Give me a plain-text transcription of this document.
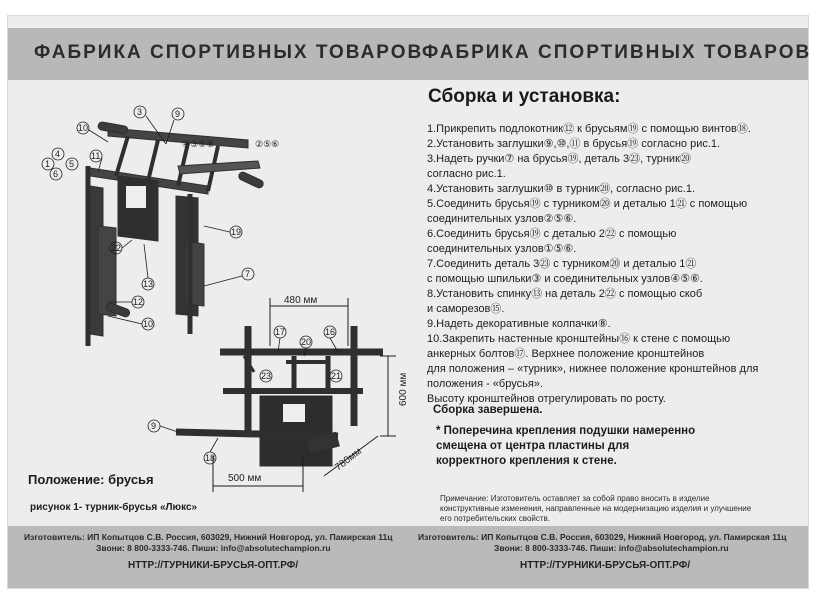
ФАБРИКА СПОРТИВНЫХ ТОВАРОВ
ФАБРИКА СПОРТИВНЫХ ТОВАРОВ
480 мм
600 мм
500 мм
780мм
3	9
④⑤⑥⑧	②⑤⑥
10
1
6
4
5
11
22
19
13
7
12
10
17
20
16
23	21
9
18
Положение: брусья
рисунок 1- турник-брусья «Люкс»
Сборка и установка:
1.Прикрепить подлокотник⑫ к брусьям⑲ с помощью винтов⑱.
2.Установить заглушки⑨,⑩,⑪ в брусья⑲ согласно рис.1.
3.Надеть ручки⑦ на брусья⑲, деталь 3㉓, турник⑳
согласно рис.1.
4.Установить заглушки⑩ в турник⑳, согласно рис.1.
5.Соединить брусья⑲ с турником⑳ и деталью 1㉑ с помощью
соединительных узлов②⑤⑥.
6.Соединить брусья⑲ с деталью 2㉒ с помощью
соединительных узлов①⑤⑥.
7.Соединить деталь 3㉓ с турником⑳ и деталью 1㉑
с помощью шпильки③ и соединительных узлов④⑤⑥.
8.Установить спинку⑬ на деталь 2㉒ с помощью скоб
и саморезов⑮.
9.Надеть декоративные колпачки⑧.
10.Закрепить настенные кронштейны⑯ к стене с помощью
анкерных болтов⑰. Верхнее положение кронштейнов
для положения – «турник», нижнее положение кронштейнов для
положения - «брусья».
Высоту кронштейнов отрегулировать по росту.
Сборка завершена.
* Поперечина крепления подушки намеренно
смещена от центра пластины для
корректного крепления к стене.
Примечание: Изготовитель оставляет за собой право вносить в изделие
конструктивные изменения, направленные на модернизацию изделия и улучшение
его потребительских свойств.
Изготовитель: ИП Копытцов С.В. Россия, 603029, Нижний Новгород, ул. Памирская 11ц
Звони: 8 800-3333-746. Пиши: info@absolutechampion.ru
HTTP://ТУРНИКИ-БРУСЬЯ-ОПТ.РФ/
Изготовитель: ИП Копытцов С.В. Россия, 603029, Нижний Новгород, ул. Памирская 11ц
Звони: 8 800-3333-746. Пиши: info@absolutechampion.ru
HTTP://ТУРНИКИ-БРУСЬЯ-ОПТ.РФ/
